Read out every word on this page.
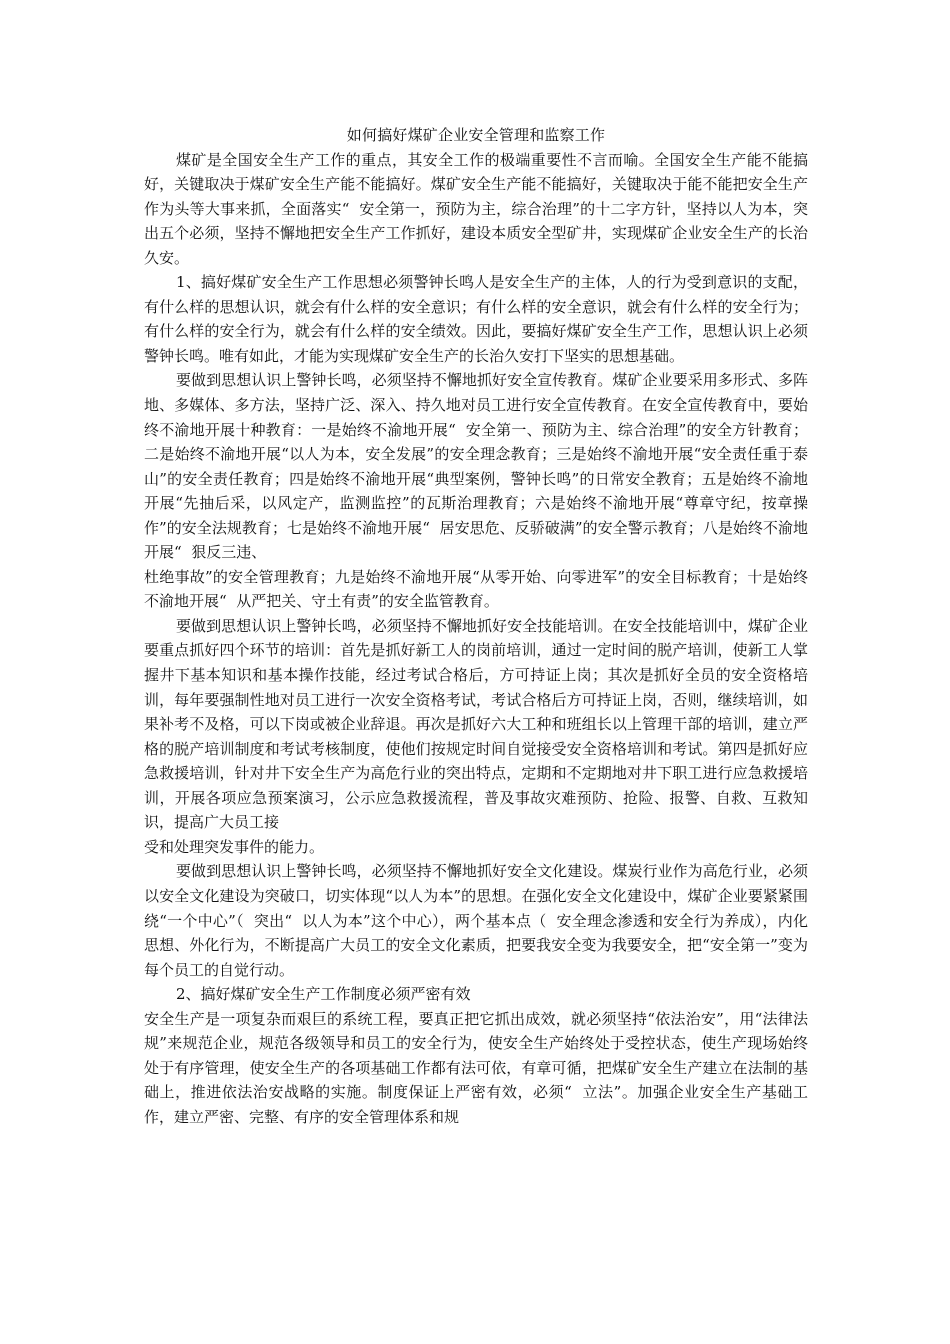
如何搞好煤矿企业安全管理和监察工作

煤矿是全国安全生产工作的重点，其安全工作的极端重要性不言而喻。全国安全生产能不能搞好，关键取决于煤矿安全生产能不能搞好。煤矿安全生产能不能搞好，关键取决于能不能把安全生产作为头等大事来抓，全面落实“  安全第一，预防为主，综合治理”的十二字方针，坚持以人为本，突出五个必须，坚持不懈地把安全生产工作抓好，建设本质安全型矿井，实现煤矿企业安全生产的长治久安。

1、搞好煤矿安全生产工作思想必须警钟长鸣人是安全生产的主体，人的行为受到意识的支配，有什么样的思想认识，就会有什么样的安全意识；有什么样的安全意识，就会有什么样的安全行为；有什么样的安全行为，就会有什么样的安全绩效。因此，要搞好煤矿安全生产工作，思想认识上必须警钟长鸣。唯有如此，才能为实现煤矿安全生产的长治久安打下坚实的思想基础。

要做到思想认识上警钟长鸣，必须坚持不懈地抓好安全宣传教育。煤矿企业要采用多形式、多阵地、多媒体、多方法，坚持广泛、深入、持久地对员工进行安全宣传教育。在安全宣传教育中，要始终不渝地开展十种教育：一是始终不渝地开展“  安全第一、预防为主、综合治理”的安全方针教育；二是始终不渝地开展“以人为本，安全发展”的安全理念教育；三是始终不渝地开展“安全责任重于泰山”的安全责任教育；四是始终不渝地开展“典型案例，警钟长鸣”的日常安全教育；五是始终不渝地开展“先抽后采，以风定产，监测监控”的瓦斯治理教育；六是始终不渝地开展“尊章守纪，按章操作”的安全法规教育；七是始终不渝地开展“  居安思危、反骄破满”的安全警示教育；八是始终不渝地开展“  狠反三违、

杜绝事故”的安全管理教育；九是始终不渝地开展“从零开始、向零进军”的安全目标教育；十是始终不渝地开展“  从严把关、守土有责”的安全监管教育。

要做到思想认识上警钟长鸣，必须坚持不懈地抓好安全技能培训。在安全技能培训中，煤矿企业要重点抓好四个环节的培训：首先是抓好新工人的岗前培训，通过一定时间的脱产培训，使新工人掌握井下基本知识和基本操作技能，经过考试合格后，方可持证上岗；其次是抓好全员的安全资格培训，每年要强制性地对员工进行一次安全资格考试，考试合格后方可持证上岗，否则，继续培训，如果补考不及格，可以下岗或被企业辞退。再次是抓好六大工种和班组长以上管理干部的培训，建立严格的脱产培训制度和考试考核制度，使他们按规定时间自觉接受安全资格培训和考试。第四是抓好应急救援培训，针对井下安全生产为高危行业的突出特点，定期和不定期地对井下职工进行应急救援培训，开展各项应急预案演习，公示应急救援流程，普及事故灾难预防、抢险、报警、自救、互救知识，提高广大员工接

受和处理突发事件的能力。

要做到思想认识上警钟长鸣，必须坚持不懈地抓好安全文化建设。煤炭行业作为高危行业，必须以安全文化建设为突破口，切实体现“以人为本”的思想。在强化安全文化建设中，煤矿企业要紧紧围绕“一个中心”（  突出“  以人为本”这个中心），两个基本点（  安全理念渗透和安全行为养成），内化思想、外化行为，不断提高广大员工的安全文化素质，把要我安全变为我要安全，把“安全第一”变为每个员工的自觉行动。

2、搞好煤矿安全生产工作制度必须严密有效

安全生产是一项复杂而艰巨的系统工程，要真正把它抓出成效，就必须坚持“依法治安”，用“法律法规”来规范企业，规范各级领导和员工的安全行为，使安全生产始终处于受控状态，使生产现场始终处于有序管理，使安全生产的各项基础工作都有法可依，有章可循，把煤矿安全生产建立在法制的基础上，推进依法治安战略的实施。制度保证上严密有效，必须“  立法”。加强企业安全生产基础工作，建立严密、完整、有序的安全管理体系和规
